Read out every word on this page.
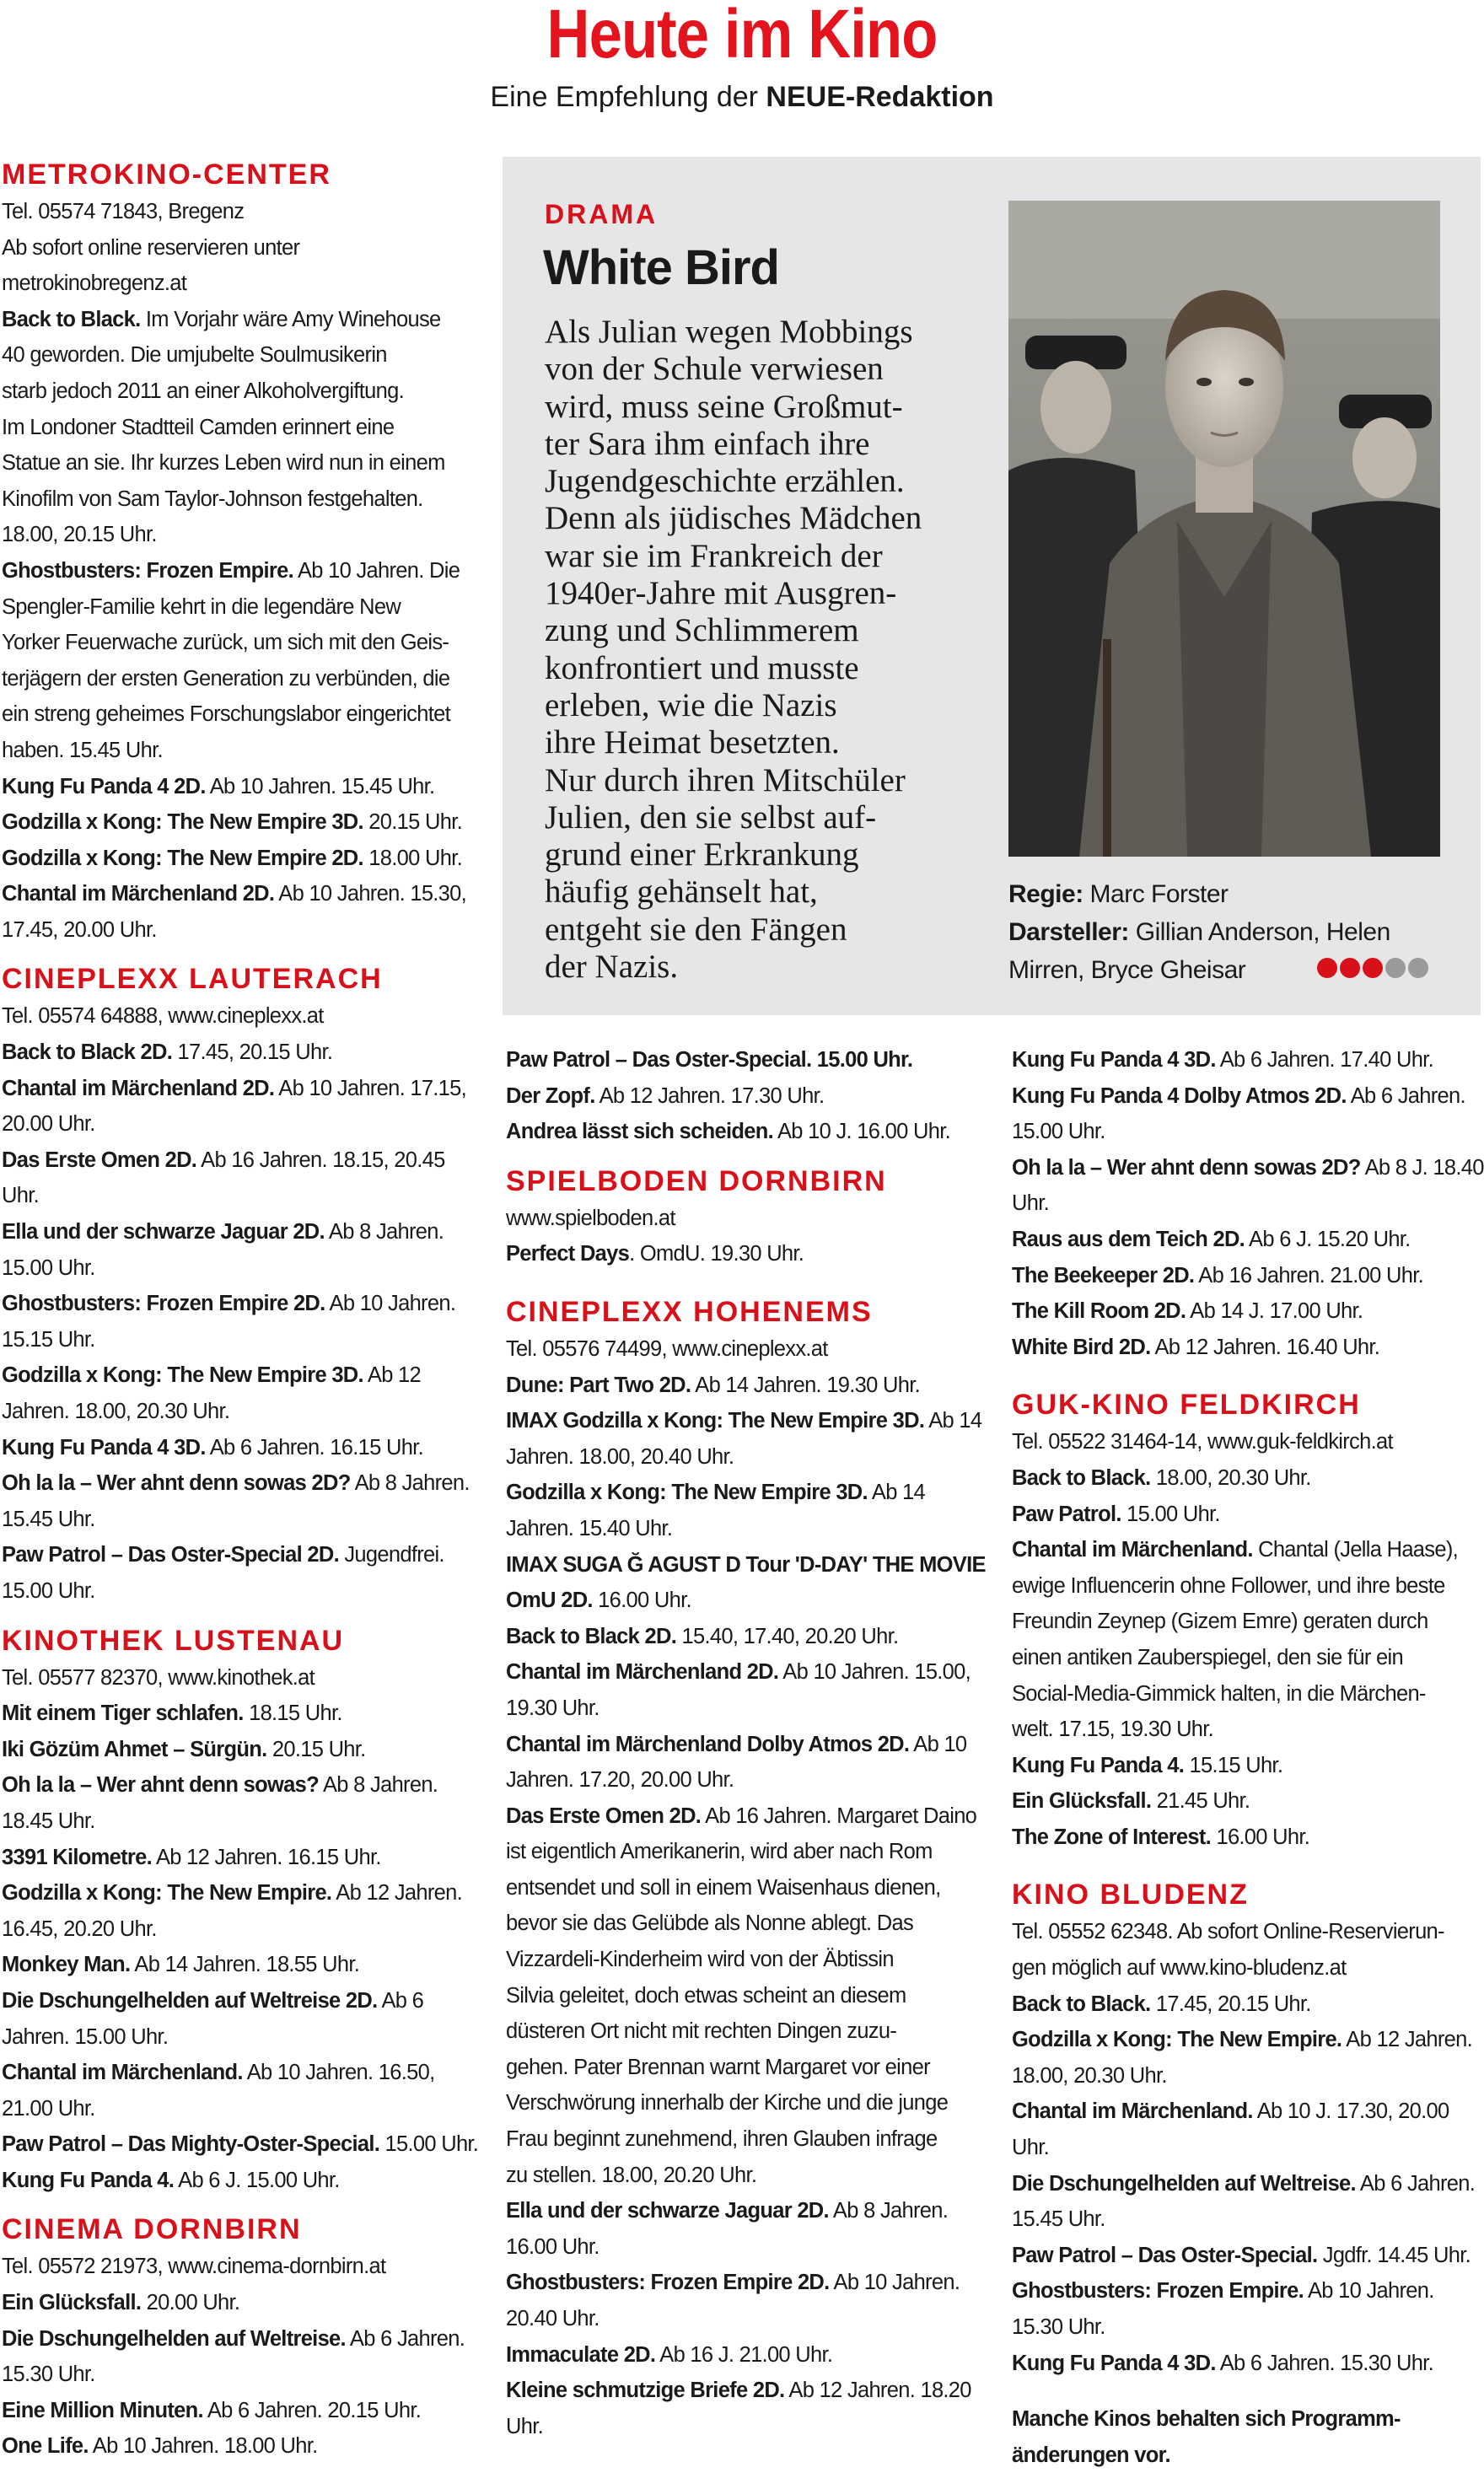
Heute im Kino
Eine Empfehlung der NEUE-Redaktion
METROKINO-CENTER
Tel. 05574 71843, Bregenz
Ab sofort online reservieren unter
metrokinobregenz.at
Back to Black. Im Vorjahr wäre Amy Winehouse
40 geworden. Die umjubelte Soulmusikerin
starb jedoch 2011 an einer Alkoholvergiftung.
Im Londoner Stadtteil Camden erinnert eine
Statue an sie. Ihr kurzes Leben wird nun in einem
Kinofilm von Sam Taylor-Johnson festgehalten.
18.00, 20.15 Uhr.
Ghostbusters: Frozen Empire. Ab 10 Jahren. Die
Spengler-Familie kehrt in die legendäre New
Yorker Feuerwache zurück, um sich mit den Geis-
terjägern der ersten Generation zu verbünden, die
ein streng geheimes Forschungslabor eingerichtet
haben. 15.45 Uhr.
Kung Fu Panda 4 2D. Ab 10 Jahren. 15.45 Uhr.
Godzilla x Kong: The New Empire 3D. 20.15 Uhr.
Godzilla x Kong: The New Empire 2D. 18.00 Uhr.
Chantal im Märchenland 2D. Ab 10 Jahren. 15.30,
17.45, 20.00 Uhr.
CINEPLEXX LAUTERACH
Tel. 05574 64888, www.cineplexx.at
Back to Black 2D. 17.45, 20.15 Uhr.
Chantal im Märchenland 2D. Ab 10 Jahren. 17.15,
20.00 Uhr.
Das Erste Omen 2D. Ab 16 Jahren. 18.15, 20.45
Uhr.
Ella und der schwarze Jaguar 2D. Ab 8 Jahren.
15.00 Uhr.
Ghostbusters: Frozen Empire 2D. Ab 10 Jahren.
15.15 Uhr.
Godzilla x Kong: The New Empire 3D. Ab 12
Jahren. 18.00, 20.30 Uhr.
Kung Fu Panda 4 3D. Ab 6 Jahren. 16.15 Uhr.
Oh la la – Wer ahnt denn sowas 2D? Ab 8 Jahren.
15.45 Uhr.
Paw Patrol – Das Oster-Special 2D. Jugendfrei.
15.00 Uhr.
KINOTHEK LUSTENAU
Tel. 05577 82370, www.kinothek.at
Mit einem Tiger schlafen. 18.15 Uhr.
Iki Gözüm Ahmet – Sürgün. 20.15 Uhr.
Oh la la – Wer ahnt denn sowas? Ab 8 Jahren.
18.45 Uhr.
3391 Kilometre. Ab 12 Jahren. 16.15 Uhr.
Godzilla x Kong: The New Empire. Ab 12 Jahren.
16.45, 20.20 Uhr.
Monkey Man. Ab 14 Jahren. 18.55 Uhr.
Die Dschungelhelden auf Weltreise 2D. Ab 6
Jahren. 15.00 Uhr.
Chantal im Märchenland. Ab 10 Jahren. 16.50,
21.00 Uhr.
Paw Patrol – Das Mighty-Oster-Special. 15.00 Uhr.
Kung Fu Panda 4. Ab 6 J. 15.00 Uhr.
CINEMA DORNBIRN
Tel. 05572 21973, www.cinema-dornbirn.at
Ein Glücksfall. 20.00 Uhr.
Die Dschungelhelden auf Weltreise. Ab 6 Jahren.
15.30 Uhr.
Eine Million Minuten. Ab 6 Jahren. 20.15 Uhr.
One Life. Ab 10 Jahren. 18.00 Uhr.
DRAMA
White Bird
Als Julian wegen Mobbings
von der Schule verwiesen
wird, muss seine Großmut-
ter Sara ihm einfach ihre
Jugendgeschichte erzählen.
Denn als jüdisches Mädchen
war sie im Frankreich der
1940er-Jahre mit Ausgren-
zung und Schlimmerem
konfrontiert und musste
erleben, wie die Nazis
ihre Heimat besetzten.
Nur durch ihren Mitschüler
Julien, den sie selbst auf-
grund einer Erkrankung
häufig gehänselt hat,
entgeht sie den Fängen
der Nazis.
Regie: Marc Forster
Darsteller: Gillian Anderson, Helen
Mirren, Bryce Gheisar
Paw Patrol – Das Oster-Special. 15.00 Uhr.
Der Zopf. Ab 12 Jahren. 17.30 Uhr.
Andrea lässt sich scheiden. Ab 10 J. 16.00 Uhr.
SPIELBODEN DORNBIRN
www.spielboden.at
Perfect Days. OmdU. 19.30 Uhr.
CINEPLEXX HOHENEMS
Tel. 05576 74499, www.cineplexx.at
Dune: Part Two 2D. Ab 14 Jahren. 19.30 Uhr.
IMAX Godzilla x Kong: The New Empire 3D. Ab 14
Jahren. 18.00, 20.40 Uhr.
Godzilla x Kong: The New Empire 3D. Ab 14
Jahren. 15.40 Uhr.
IMAX SUGA Ğ AGUST D Tour 'D-DAY' THE MOVIE
OmU 2D. 16.00 Uhr.
Back to Black 2D. 15.40, 17.40, 20.20 Uhr.
Chantal im Märchenland 2D. Ab 10 Jahren. 15.00,
19.30 Uhr.
Chantal im Märchenland Dolby Atmos 2D. Ab 10
Jahren. 17.20, 20.00 Uhr.
Das Erste Omen 2D. Ab 16 Jahren. Margaret Daino
ist eigentlich Amerikanerin, wird aber nach Rom
entsendet und soll in einem Waisenhaus dienen,
bevor sie das Gelübde als Nonne ablegt. Das
Vizzardeli-Kinderheim wird von der Äbtissin
Silvia geleitet, doch etwas scheint an diesem
düsteren Ort nicht mit rechten Dingen zuzu-
gehen. Pater Brennan warnt Margaret vor einer
Verschwörung innerhalb der Kirche und die junge
Frau beginnt zunehmend, ihren Glauben infrage
zu stellen. 18.00, 20.20 Uhr.
Ella und der schwarze Jaguar 2D. Ab 8 Jahren.
16.00 Uhr.
Ghostbusters: Frozen Empire 2D. Ab 10 Jahren.
20.40 Uhr.
Immaculate 2D. Ab 16 J. 21.00 Uhr.
Kleine schmutzige Briefe 2D. Ab 12 Jahren. 18.20
Uhr.
Kung Fu Panda 4 3D. Ab 6 Jahren. 17.40 Uhr.
Kung Fu Panda 4 Dolby Atmos 2D. Ab 6 Jahren.
15.00 Uhr.
Oh la la – Wer ahnt denn sowas 2D? Ab 8 J. 18.40
Uhr.
Raus aus dem Teich 2D. Ab 6 J. 15.20 Uhr.
The Beekeeper 2D. Ab 16 Jahren. 21.00 Uhr.
The Kill Room 2D. Ab 14 J. 17.00 Uhr.
White Bird 2D. Ab 12 Jahren. 16.40 Uhr.
GUK-KINO FELDKIRCH
Tel. 05522 31464-14, www.guk-feldkirch.at
Back to Black. 18.00, 20.30 Uhr.
Paw Patrol. 15.00 Uhr.
Chantal im Märchenland. Chantal (Jella Haase),
ewige Influencerin ohne Follower, und ihre beste
Freundin Zeynep (Gizem Emre) geraten durch
einen antiken Zauberspiegel, den sie für ein
Social-Media-Gimmick halten, in die Märchen-
welt. 17.15, 19.30 Uhr.
Kung Fu Panda 4. 15.15 Uhr.
Ein Glücksfall. 21.45 Uhr.
The Zone of Interest. 16.00 Uhr.
KINO BLUDENZ
Tel. 05552 62348. Ab sofort Online-Reservierun-
gen möglich auf www.kino-bludenz.at
Back to Black. 17.45, 20.15 Uhr.
Godzilla x Kong: The New Empire. Ab 12 Jahren.
18.00, 20.30 Uhr.
Chantal im Märchenland. Ab 10 J. 17.30, 20.00
Uhr.
Die Dschungelhelden auf Weltreise. Ab 6 Jahren.
15.45 Uhr.
Paw Patrol – Das Oster-Special. Jgdfr. 14.45 Uhr.
Ghostbusters: Frozen Empire. Ab 10 Jahren.
15.30 Uhr.
Kung Fu Panda 4 3D. Ab 6 Jahren. 15.30 Uhr.
Manche Kinos behalten sich Programm-
änderungen vor.
